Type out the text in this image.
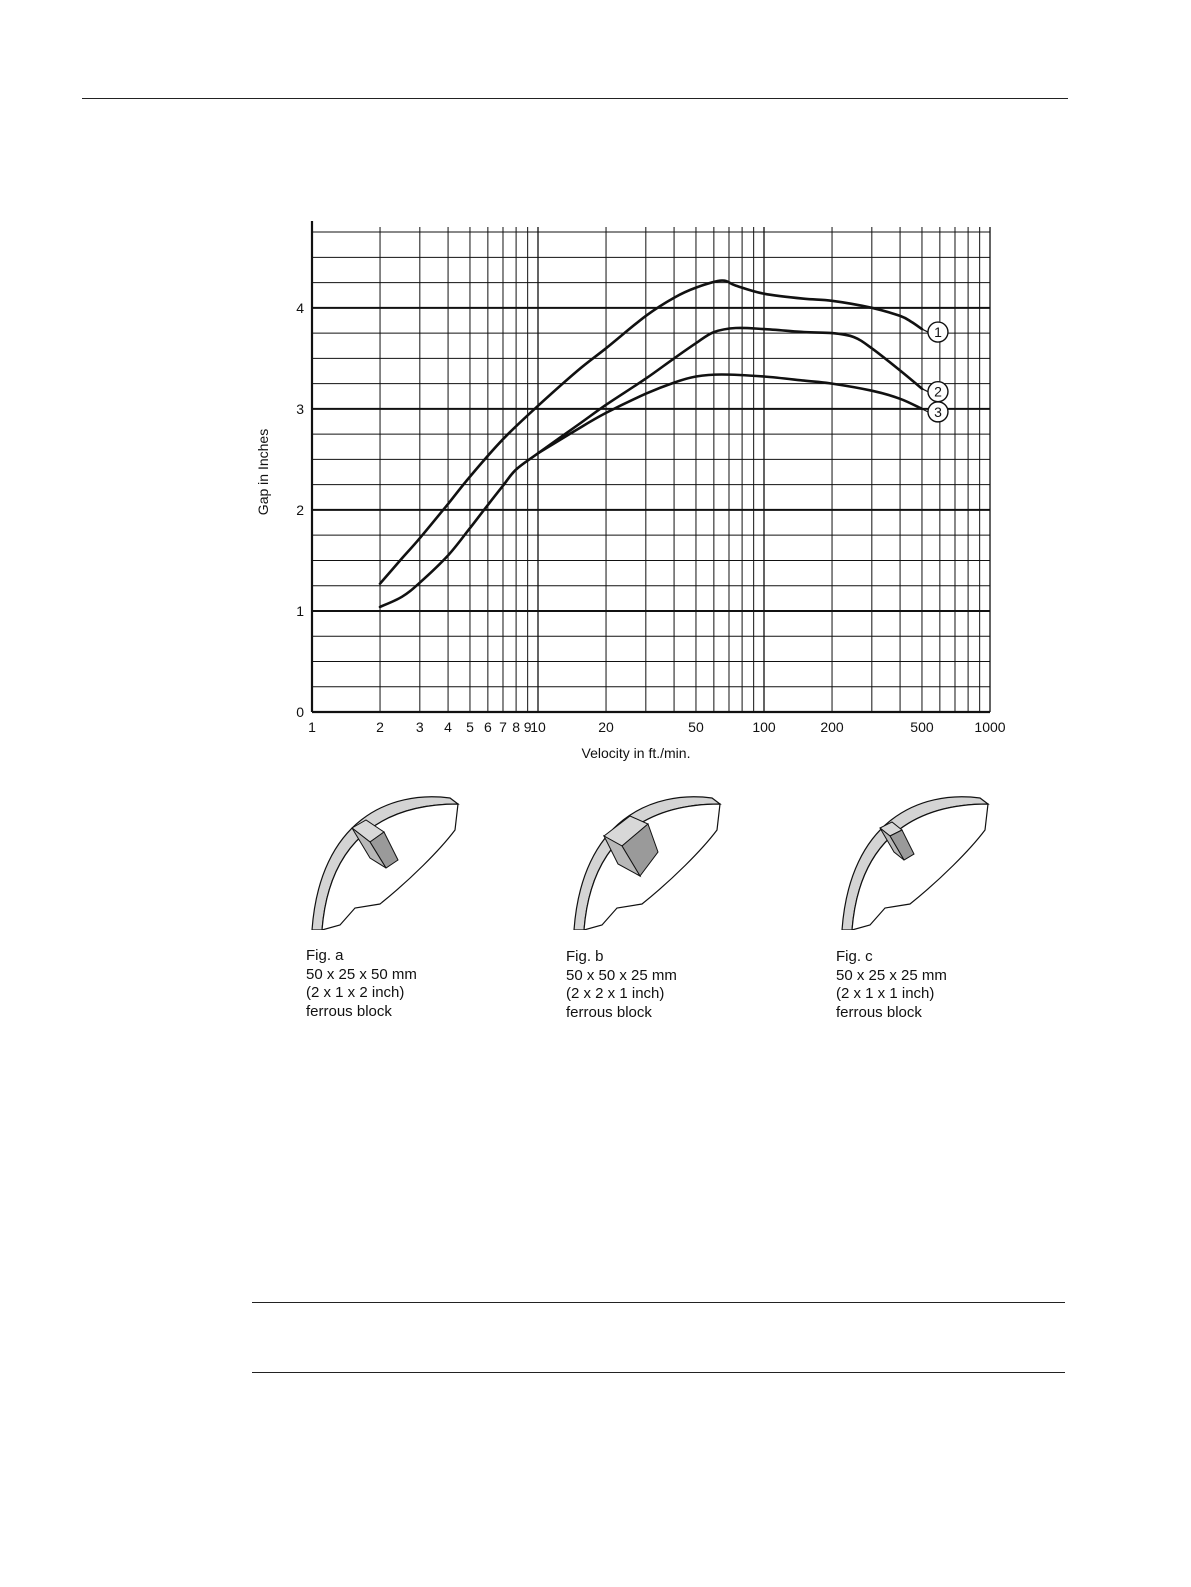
1
2
3
1	2 3 4 5 6 7 8 9
10	20	50	100	200	500	1000
0
1
2
3
4
Velocity in ft./min.
Gap in Inches
Fig. a
50 x 25 x 50 mm
(2 x 1 x 2 inch)
ferrous block
Fig. b
50 x 50 x 25 mm
(2 x 2 x 1 inch)
ferrous block
Fig. c
50 x 25 x 25 mm
(2 x 1 x 1 inch)
ferrous block
